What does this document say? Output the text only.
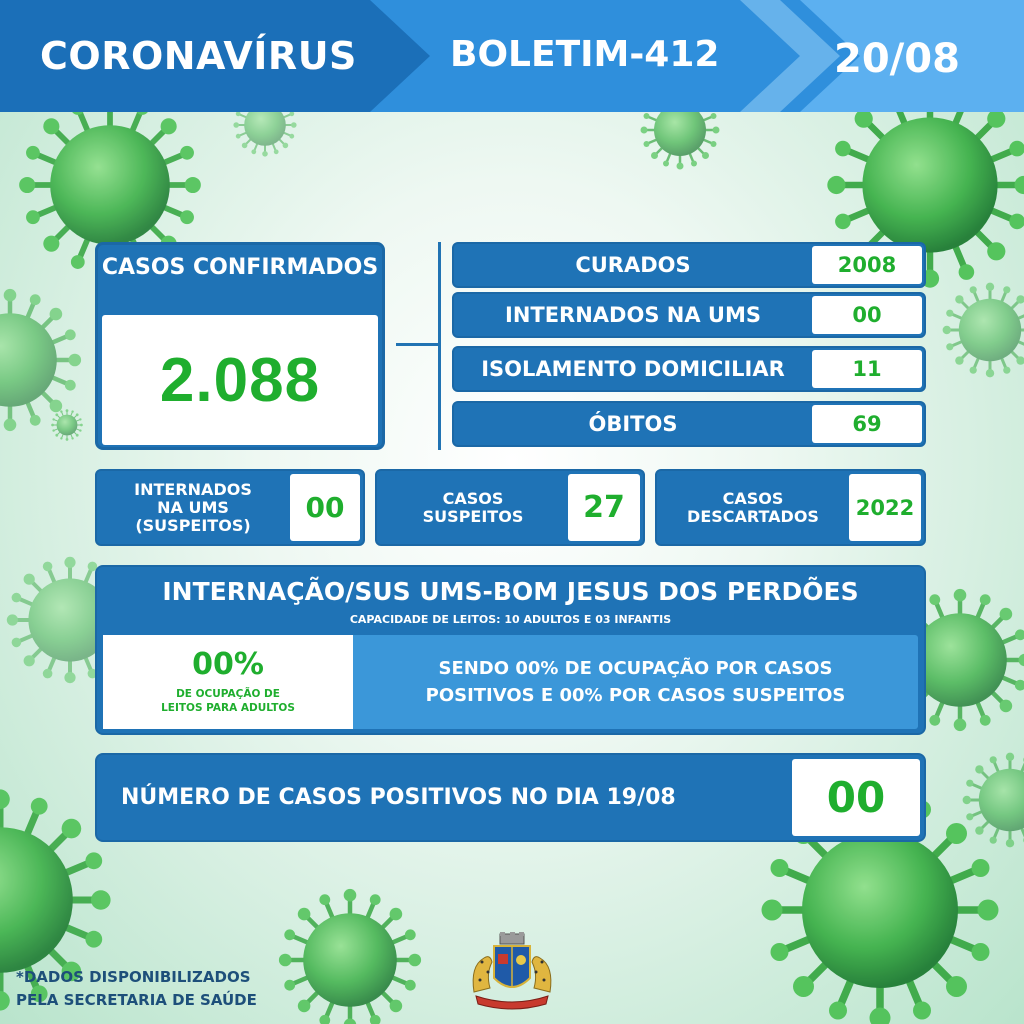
CORONAVÍRUS	BOLETIM-412	20/08
CASOS CONFIRMADOS
2.088
CURADOS	2008
INTERNADOS NA UMS	00
ISOLAMENTO DOMICILIAR	11
ÓBITOS	69
INTERNADOS
NA UMS
(SUSPEITOS)
00	CASOS
SUSPEITOS	27	CASOS
DESCARTADOS	2022
INTERNAÇÃO/SUS UMS-BOM JESUS DOS PERDÕES
CAPACIDADE DE LEITOS: 10 ADULTOS E 03 INFANTIS
00%
DE OCUPAÇÃO DE
LEITOS PARA ADULTOS
SENDO 00% DE OCUPAÇÃO POR CASOS
POSITIVOS E 00% POR CASOS SUSPEITOS
NÚMERO DE CASOS POSITIVOS NO DIA 19/08	00
*DADOS DISPONIBILIZADOS
PELA SECRETARIA DE SAÚDE
